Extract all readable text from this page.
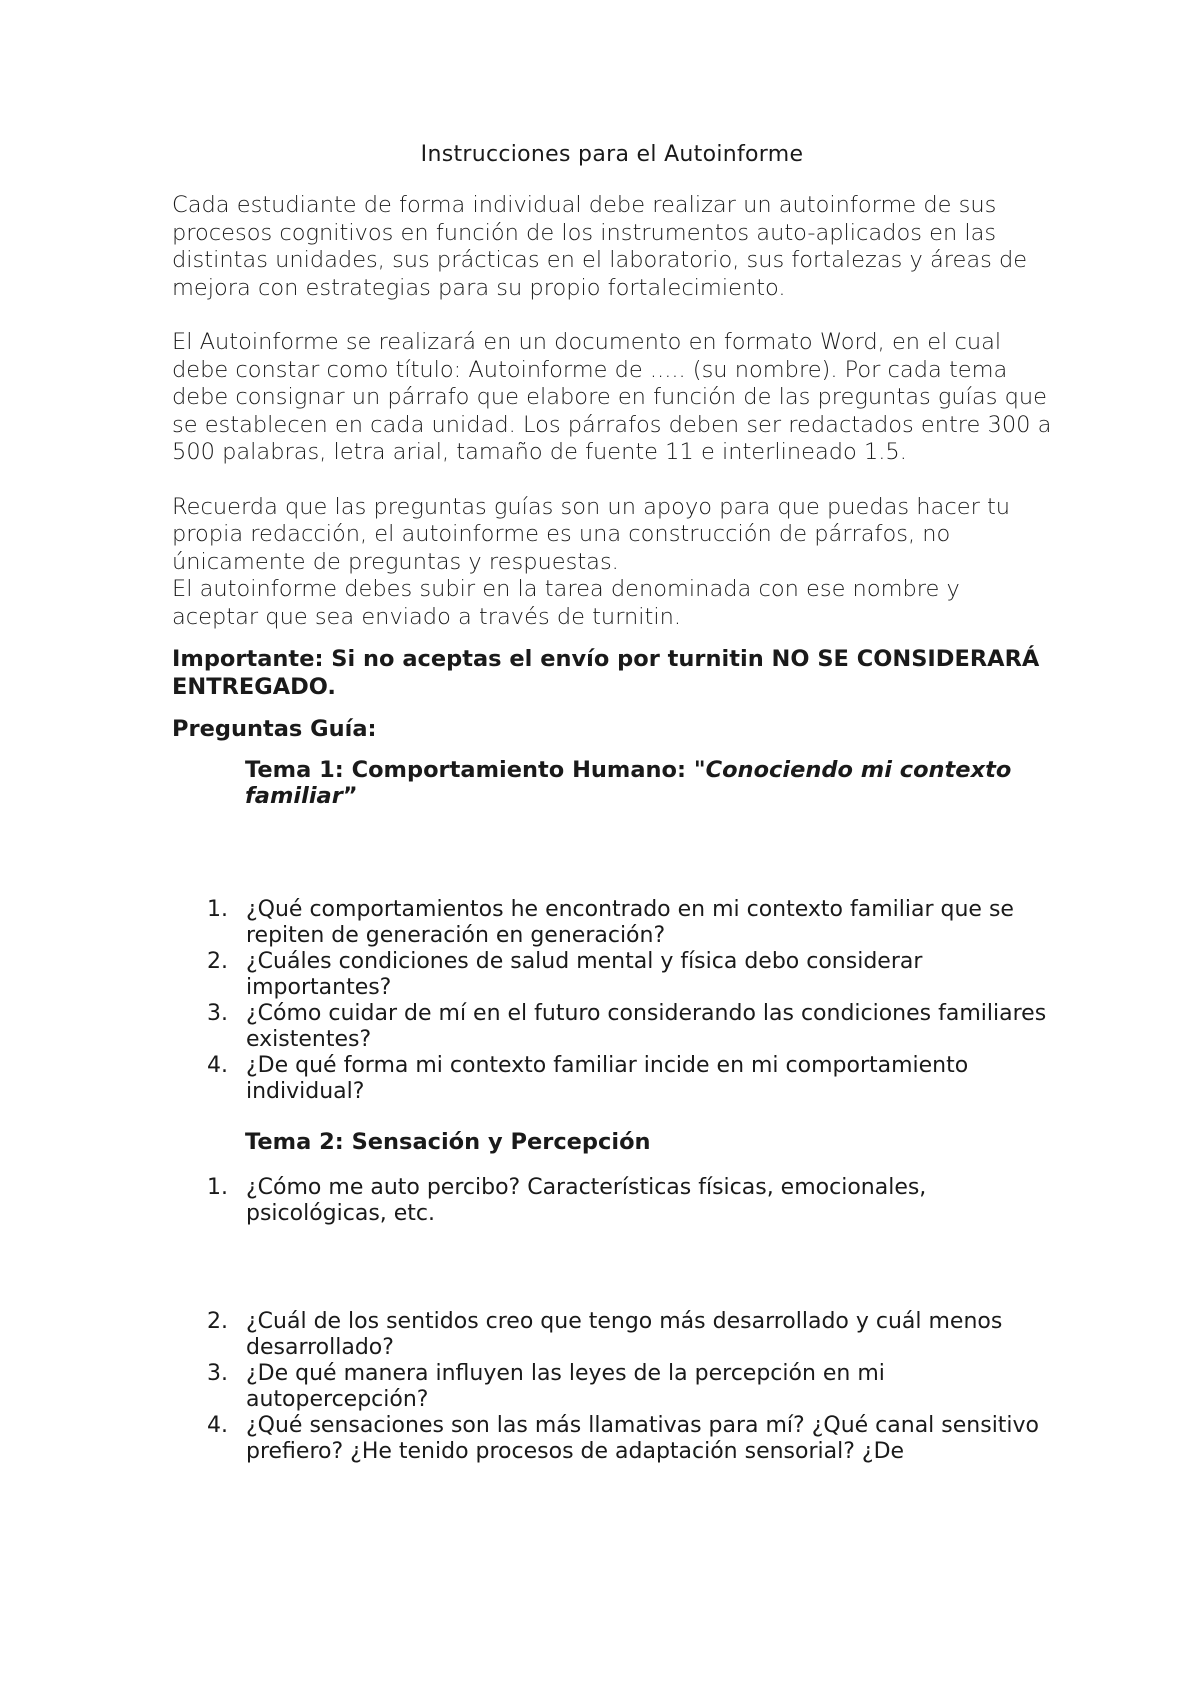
Instrucciones para el Autoinforme

Cada estudiante de forma individual debe realizar un autoinforme de sus procesos cognitivos en función de los instrumentos auto-aplicados en las distintas unidades, sus prácticas en el laboratorio, sus fortalezas y áreas de mejora con estrategias para su propio fortalecimiento.

El Autoinforme se realizará en un documento en formato Word, en el cual debe constar como título: Autoinforme de ..... (su nombre). Por cada tema debe consignar un párrafo que elabore en función de las preguntas guías que se establecen en cada unidad. Los párrafos deben ser redactados entre 300 a 500 palabras, letra arial, tamaño de fuente 11 e interlineado 1.5.

Recuerda que las preguntas guías son un apoyo para que puedas hacer tu propia redacción, el autoinforme es una construcción de párrafos, no únicamente de preguntas y respuestas.

El autoinforme debes subir en la tarea denominada con ese nombre y aceptar que sea enviado a través de turnitin.

Importante: Si no aceptas el envío por turnitin NO SE CONSIDERARÁ ENTREGADO.

Preguntas Guía:

Tema 1: Comportamiento Humano: "Conociendo mi contexto familiar”

1. ¿Qué comportamientos he encontrado en mi contexto familiar que se repiten de generación en generación?
2. ¿Cuáles condiciones de salud mental y física debo considerar importantes?
3. ¿Cómo cuidar de mí en el futuro considerando las condiciones familiares existentes?
4. ¿De qué forma mi contexto familiar incide en mi comportamiento individual?

Tema 2: Sensación y Percepción

1. ¿Cómo me auto percibo? Características físicas, emocionales, psicológicas, etc.
2. ¿Cuál de los sentidos creo que tengo más desarrollado y cuál menos desarrollado?
3. ¿De qué manera influyen las leyes de la percepción en mi autopercepción?
4. ¿Qué sensaciones son las más llamativas para mí? ¿Qué canal sensitivo prefiero? ¿He tenido procesos de adaptación sensorial? ¿De
